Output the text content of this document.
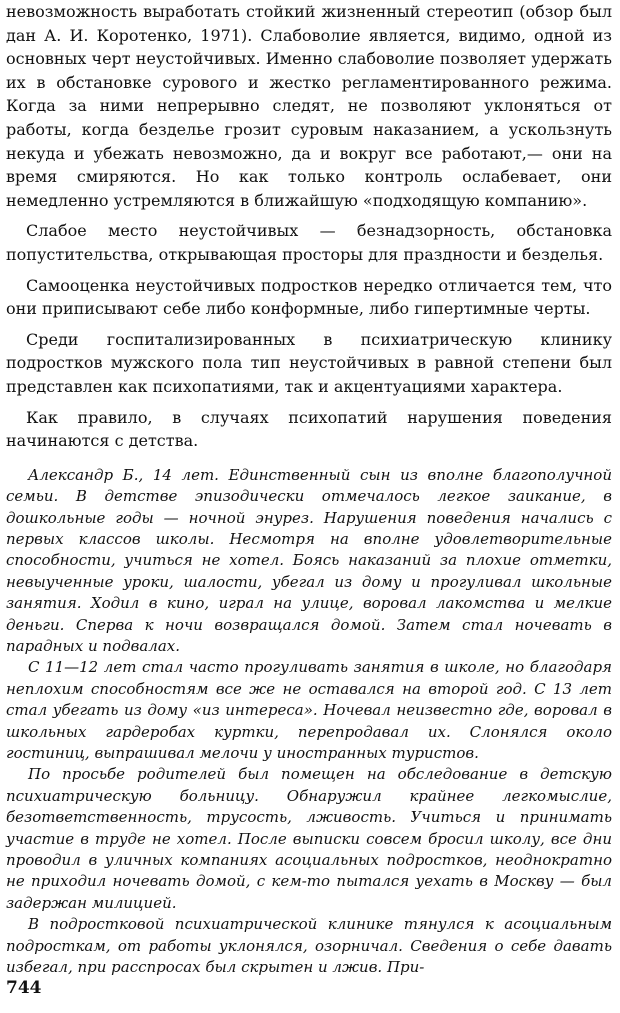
невозможность выработать стойкий жизненный стереотип (обзор был дан А. И. Коротенко, 1971). Слабоволие является, видимо, одной из основных черт неустойчивых. Именно слабоволие позволяет удержать их в обстановке сурового и жестко регламентированного режима. Когда за ними непрерывно следят, не позволяют уклоняться от работы, когда безделье грозит суровым наказанием, а ускользнуть некуда и убежать невозможно, да и вокруг все работают,— они на время смиряются. Но как только контроль ослабевает, они немедленно устремляются в ближайшую «подходящую компанию».

Слабое место неустойчивых — безнадзорность, обстановка попустительства, открывающая просторы для праздности и безделья.

Самооценка неустойчивых подростков нередко отличается тем, что они приписывают себе либо конформные, либо гипертимные черты.

Среди госпитализированных в психиатрическую клинику подростков мужского пола тип неустойчивых в равной степени был представлен как психопатиями, так и акцентуациями характера.

Как правило, в случаях психопатий нарушения поведения начинаются с детства.

Александр Б., 14 лет. Единственный сын из вполне благополучной семьи. В детстве эпизодически отмечалось легкое заикание, в дошкольные годы — ночной энурез. Нарушения поведения начались с первых классов школы. Несмотря на вполне удовлетворительные способности, учиться не хотел. Боясь наказаний за плохие отметки, невыученные уроки, шалости, убегал из дому и прогуливал школьные занятия. Ходил в кино, играл на улице, воровал лакомства и мелкие деньги. Сперва к ночи возвращался домой. Затем стал ночевать в парадных и подвалах.

С 11—12 лет стал часто прогуливать занятия в школе, но благодаря неплохим способностям все же не оставался на второй год. С 13 лет стал убегать из дому «из интереса». Ночевал неизвестно где, воровал в школьных гардеробах куртки, перепродавал их. Слонялся около гостиниц, выпрашивал мелочи у иностранных туристов.

По просьбе родителей был помещен на обследование в детскую психиатрическую больницу. Обнаружил крайнее легкомыслие, безответственность, трусость, лживость. Учиться и принимать участие в труде не хотел. После выписки совсем бросил школу, все дни проводил в уличных компаниях асоциальных подростков, неоднократно не приходил ночевать домой, с кем-то пытался уехать в Москву — был задержан милицией.

В подростковой психиатрической клинике тянулся к асоциальным подросткам, от работы уклонялся, озорничал. Сведения о себе давать избегал, при расспросах был скрытен и лжив. При-

744
